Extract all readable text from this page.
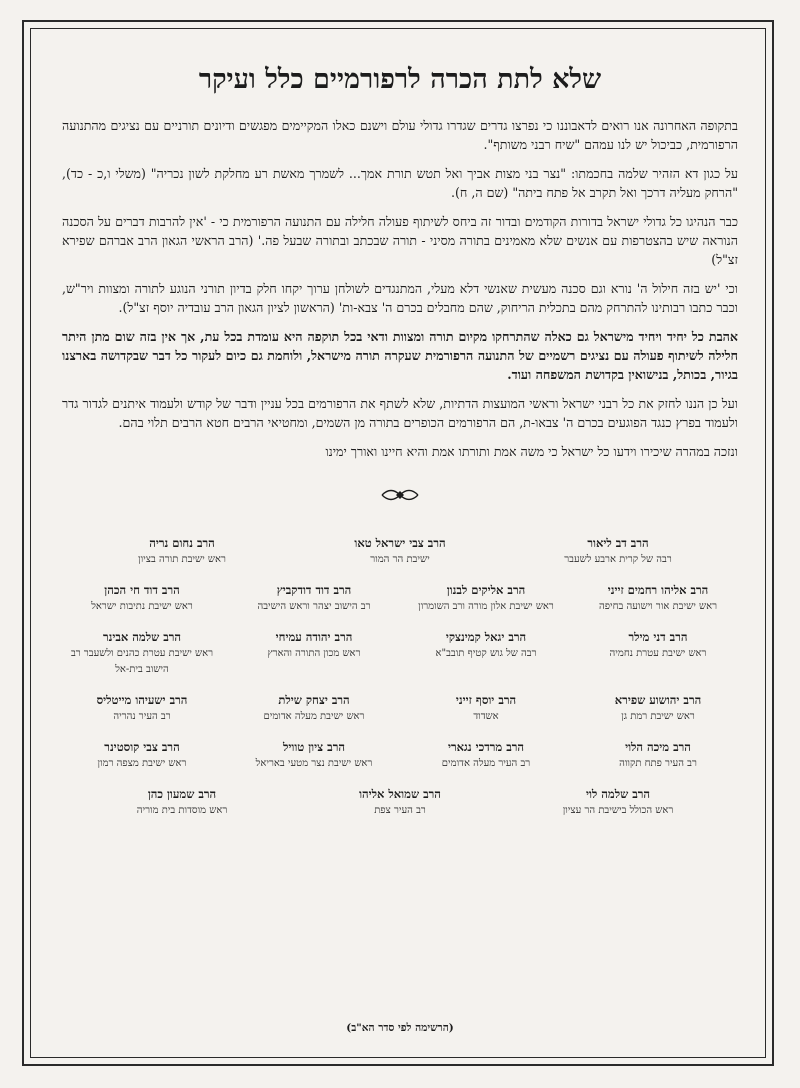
שלא לתת הכרה לרפורמיים כלל ועיקר

בתקופה האחרונה אנו רואים לדאבוננו כי נפרצו גדרים שגדרו גדולי עולם וישנם כאלו המקיימים מפגשים ודיונים תורניים עם נציגים מהתנועה הרפורמית, כביכול יש לנו עמהם "שיח רבני משותף".

על כגון דא הזהיר שלמה בחכמתו: "נצר בני מצות אביך ואל תטש תורת אמך... לשמרך מאשת רע מחלקת לשון נכריה" (משלי ו,כ - כד), "הרחק מעליה דרכך ואל תקרב אל פתח ביתה" (שם ה, ח).

כבר הנהיגו כל גדולי ישראל בדורות הקודמים ובדור זה ביחס לשיתוף פעולה חלילה עם התנועה הרפורמית כי - 'אין להרבות דברים על הסכנה הנוראה שיש בהצטרפות עם אנשים שלא מאמינים בתורה מסיני - תורה שבכתב ובתורה שבעל פה.' (הרב הראשי הגאון הרב אברהם שפירא זצ"ל)

וכי 'יש בזה חילול ה' נורא וגם סכנה מעשית שאנשי דלא מעלי, המתנגדים לשולחן ערוך יקחו חלק בדיון תורני הנוגע לתורה ומצוות ויר"ש, וכבר כתבו רבותינו להתרחק מהם בתכלית הריחוק, שהם מחבלים בכרם ה' צבא-ות' (הראשון לציון הגאון הרב עובדיה יוסף זצ"ל).

אהבת כל יחיד ויחיד מישראל גם כאלה שהתרחקו מקיום תורה ומצוות ודאי בכל תוקפה היא עומדת בכל עת, אך אין בזה שום מתן היתר חלילה לשיתוף פעולה עם נציגים רשמיים של התנועה הרפורמית שעקרה תורה מישראל, ולוחמת גם כיום לעקור כל דבר שבקדושה בארצנו בגיור, בכותל, בנישואין בקדושת המשפחה ועוד.

ועל כן הננו לחזק את כל רבני ישראל וראשי המועצות הדתיות, שלא לשתף את הרפורמים בכל עניין ודבר של קודש ולעמוד איתנים לגדור גדר ולעמוד בפרץ כנגד הפוגעים בכרם ה' צבאו-ת, הם הרפורמים הכופרים בתורה מן השמים, ומחטיאי הרבים חטא הרבים תלוי בהם.

ונזכה במהרה שיכירו וידעו כל ישראל כי משה אמת ותורתו אמת והיא חיינו ואורך ימינו

הרב דב ליאור
רבה של קרית ארבע לשעבר
הרב צבי ישראל טאו
ישיבת הר המור
הרב נחום נריה
ראש ישיבת תורה בציון
הרב אליהו רחמים זייני
ראש ישיבת אור וישועה בחיפה
הרב אליקים לבנון
ראש ישיבת אלון מורה ורב השומרון
הרב דוד דודקביץ
רב הישוב יצהר וראש הישיבה
הרב דוד חי הכהן
ראש ישיבת נתיבות ישראל
הרב דני מילר
ראש ישיבת עטרת נחמיה
הרב יגאל קמינצקי
רבה של גוש קטיף תובב"א
הרב יהודה עמיחי
ראש מכון התורה והארץ
הרב שלמה אבינר
ראש ישיבת עטרת כהנים ולשעבר רב הישוב בית-אל
הרב יהושוע שפירא
ראש ישיבת רמת גן
הרב יוסף זייני
אשדוד
הרב יצחק שילת
ראש ישיבת מעלה אדומים
הרב ישעיהו מייטליס
רב העיר נהריה
הרב מיכה הלוי
רב העיר פתח תקווה
הרב מרדכי נגארי
רב העיר מעלה אדומים
הרב ציון טוויל
ראש ישיבת נצר מטעי באריאל
הרב צבי קוסטינר
ראש ישיבת מצפה רמון
הרב שלמה לוי
ראש הכולל בישיבת הר עציון
הרב שמואל אליהו
רב העיר צפת
הרב שמעון כהן
ראש מוסדות בית מוריה
(הרשימה לפי סדר הא"ב)
